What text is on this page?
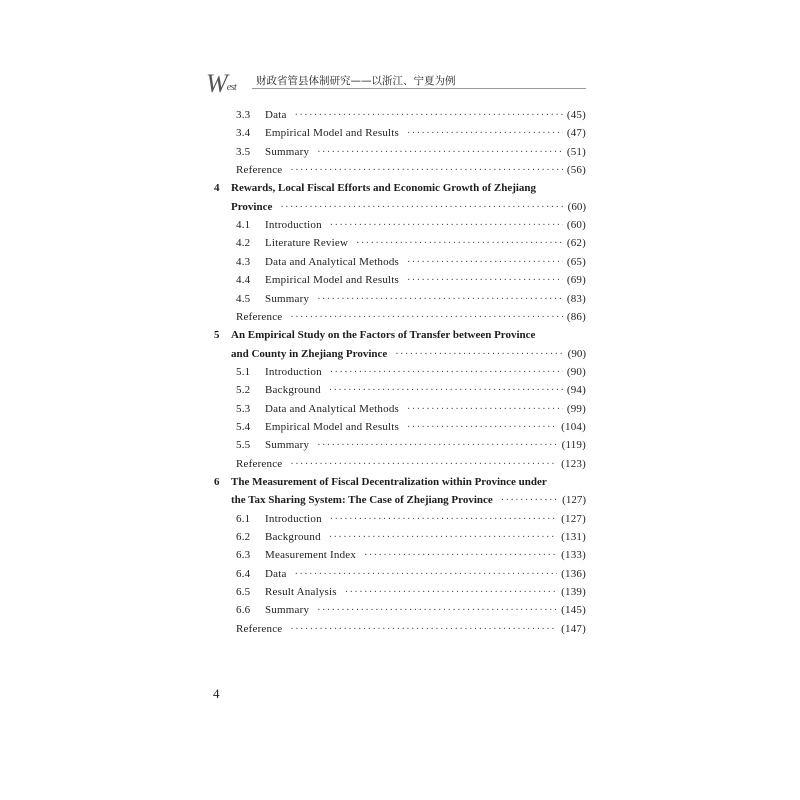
West 财政省管县体制研究——以浙江、宁夏为例
3.3	Data ·····	(45)
3.4	Empirical Model and Results ·····	(47)
3.5	Summary ·····	(51)
Reference ·····	(56)
4	Rewards, Local Fiscal Efforts and Economic Growth of Zhejiang
Province ·····	(60)
4.1	Introduction ·····	(60)
4.2	Literature Review ·····	(62)
4.3	Data and Analytical Methods ·····	(65)
4.4	Empirical Model and Results ·····	(69)
4.5	Summary ·····	(83)
Reference ·····	(86)
5	An Empirical Study on the Factors of Transfer between Province
and County in Zhejiang Province ·····	(90)
5.1	Introduction ·····	(90)
5.2	Background ·····	(94)
5.3	Data and Analytical Methods ·····	(99)
5.4	Empirical Model and Results ·····	(104)
5.5	Summary ·····	(119)
Reference ·····	(123)
6	The Measurement of Fiscal Decentralization within Province under
the Tax Sharing System: The Case of Zhejiang Province ·····	(127)
6.1	Introduction ·····	(127)
6.2	Background ·····	(131)
6.3	Measurement Index ·····	(133)
6.4	Data ·····	(136)
6.5	Result Analysis ·····	(139)
6.6	Summary ·····	(145)
Reference ·····	(147)
4
